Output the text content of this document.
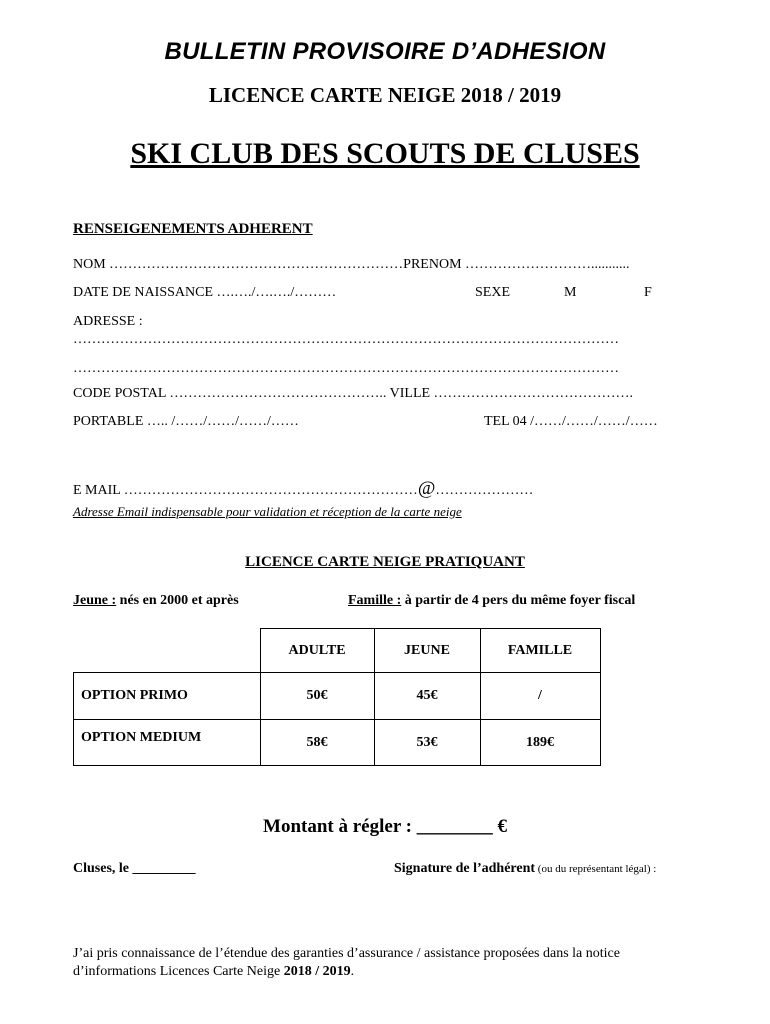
BULLETIN PROVISOIRE D’ADHESION
LICENCE CARTE NEIGE 2018 / 2019
SKI CLUB DES SCOUTS DE CLUSES
RENSEIGENEMENTS ADHERENT
NOM ………………………………………………………PRENOM ………………………...........
DATE DE NAISSANCE ….…./….…./………	SEXE	M	F
ADRESSE :
………………………………………………………………………………………………………
………………………………………………………………………………………………………
CODE POSTAL ……………………………………….. VILLE …………………………………….
PORTABLE ….. /……/……/……/……	TEL 04 /……/……/……/……
E MAIL ………………………………………………………@…………………
Adresse Email indispensable pour validation et réception de la carte neige
LICENCE CARTE NEIGE PRATIQUANT
Jeune : nés en 2000 et après	Famille : à partir de 4 pers du même foyer fiscal
	ADULTE	JEUNE	FAMILLE
OPTION PRIMO	50€	45€	/
OPTION MEDIUM	58€	53€	189€
Montant à régler : ________ €
Cluses, le _________	Signature de l’adhérent (ou du représentant légal) :
J’ai pris connaissance de l’étendue des garanties d’assurance / assistance proposées dans la notice d’informations Licences Carte Neige 2018 / 2019.
